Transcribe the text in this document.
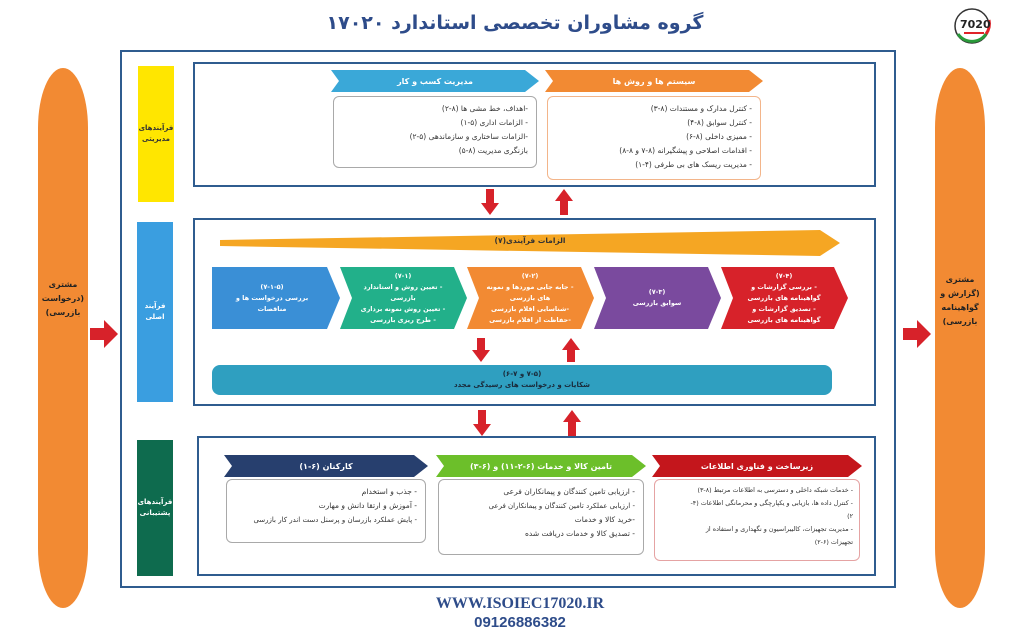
گروه مشاوران تخصصی استاندارد ۱۷۰۲۰	7020
مشتری
(درخواست بازرسی)
مشتری
(گزارش و گواهینامه بازرسی)
فرآیندهای مدیریتی
فرآیند اصلی
فرآیندهای پشتیبانی
مدیریت کسب و کار
-اهداف، خط مشی ها (۸-۲)
- الزامات اداری (۵-۱)
-الزامات ساختاری و سازماندهی (۵-۲)
بازنگری مدیریت (۸-۵)
سیستم ها و روش ها
- کنترل مدارک و مستندات (۸-۳)
- کنترل سوابق (۸-۴)
- ممیزی داخلی (۸-۶)
- اقدامات اصلاحی و پیشگیرانه (۸-۷ و ۸-۸)
- مدیریت ریسک های بی طرفی (۴-۱)
الزامات فرآیندی(۷)
(۷-۱-۵)
بررسی درخواست ها و
مناقصات
(۷-۱)
- تعیین روش و استاندارد
بازرسی
- تعیین روش نمونه برداری
- طرح ریزی بازرسی
(۷-۲)
- جابه جایی موردها و نمونه
های بازرسی
-شناسایی اقلام بازرسی
-حفاظت از اقلام بازرسی
(۷-۳)
سوابق بازرسی
(۷-۴)
- بررسی گزارشات و
گواهینامه های بازرسی
- تصدیق گزارشات و
گواهینامه های بازرسی
(۷-۵ و ۷-۶)
شکایات و درخواست های رسیدگی مجدد
کارکنان (۶-۱)
- جذب و استخدام
- آموزش و ارتقا دانش و مهارت
- پایش عملکرد بازرسان و پرسنل دست اندر کار بازرسی
تامین کالا و خدمات (۶-۲-۱۱) و (۶-۳)
- ارزیابی تامین کنندگان و پیمانکاران فرعی
- ارزیابی عملکرد تامین کنندگان و پیمانکاران فرعی
-خرید کالا و خدمات
- تصدیق کالا و خدمات دریافت شده
زیرساخت و فناوری اطلاعات
- خدمات شبکه داخلی و دسترسی به اطلاعات مرتبط (۸-۳)
- کنترل داده ها، بازیابی و یکپارچگی و محرمانگی اطلاعات (۴-
۲)
- مدیریت تجهیزات، کالیبراسیون و نگهداری و استفاده از
تجهیزات (۶-۲)
WWW.ISOIEC17020.IR
09126886382
